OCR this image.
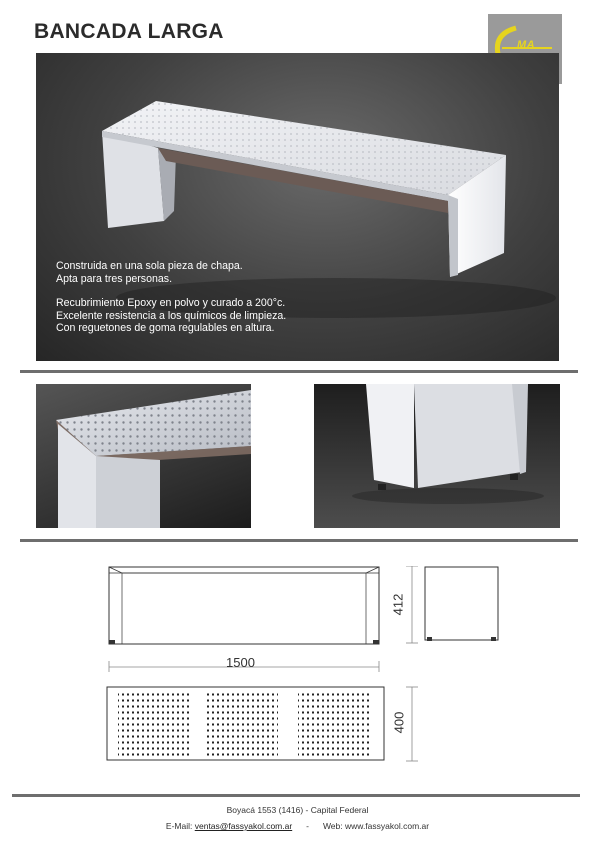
BANCADA LARGA
MA

Construida en una sola pieza de chapa.

Apta para tres personas.

Recubrimiento Epoxy en polvo y curado a 200°c.

Excelente resistencia a los químicos de limpieza.

Con reguetones de goma regulables en altura.

1500
412
400
Boyacá 1553 (1416) - Capital Federal
E-Mail: ventas@fassyakol.com.ar - Web: www.fassyakol.com.ar
